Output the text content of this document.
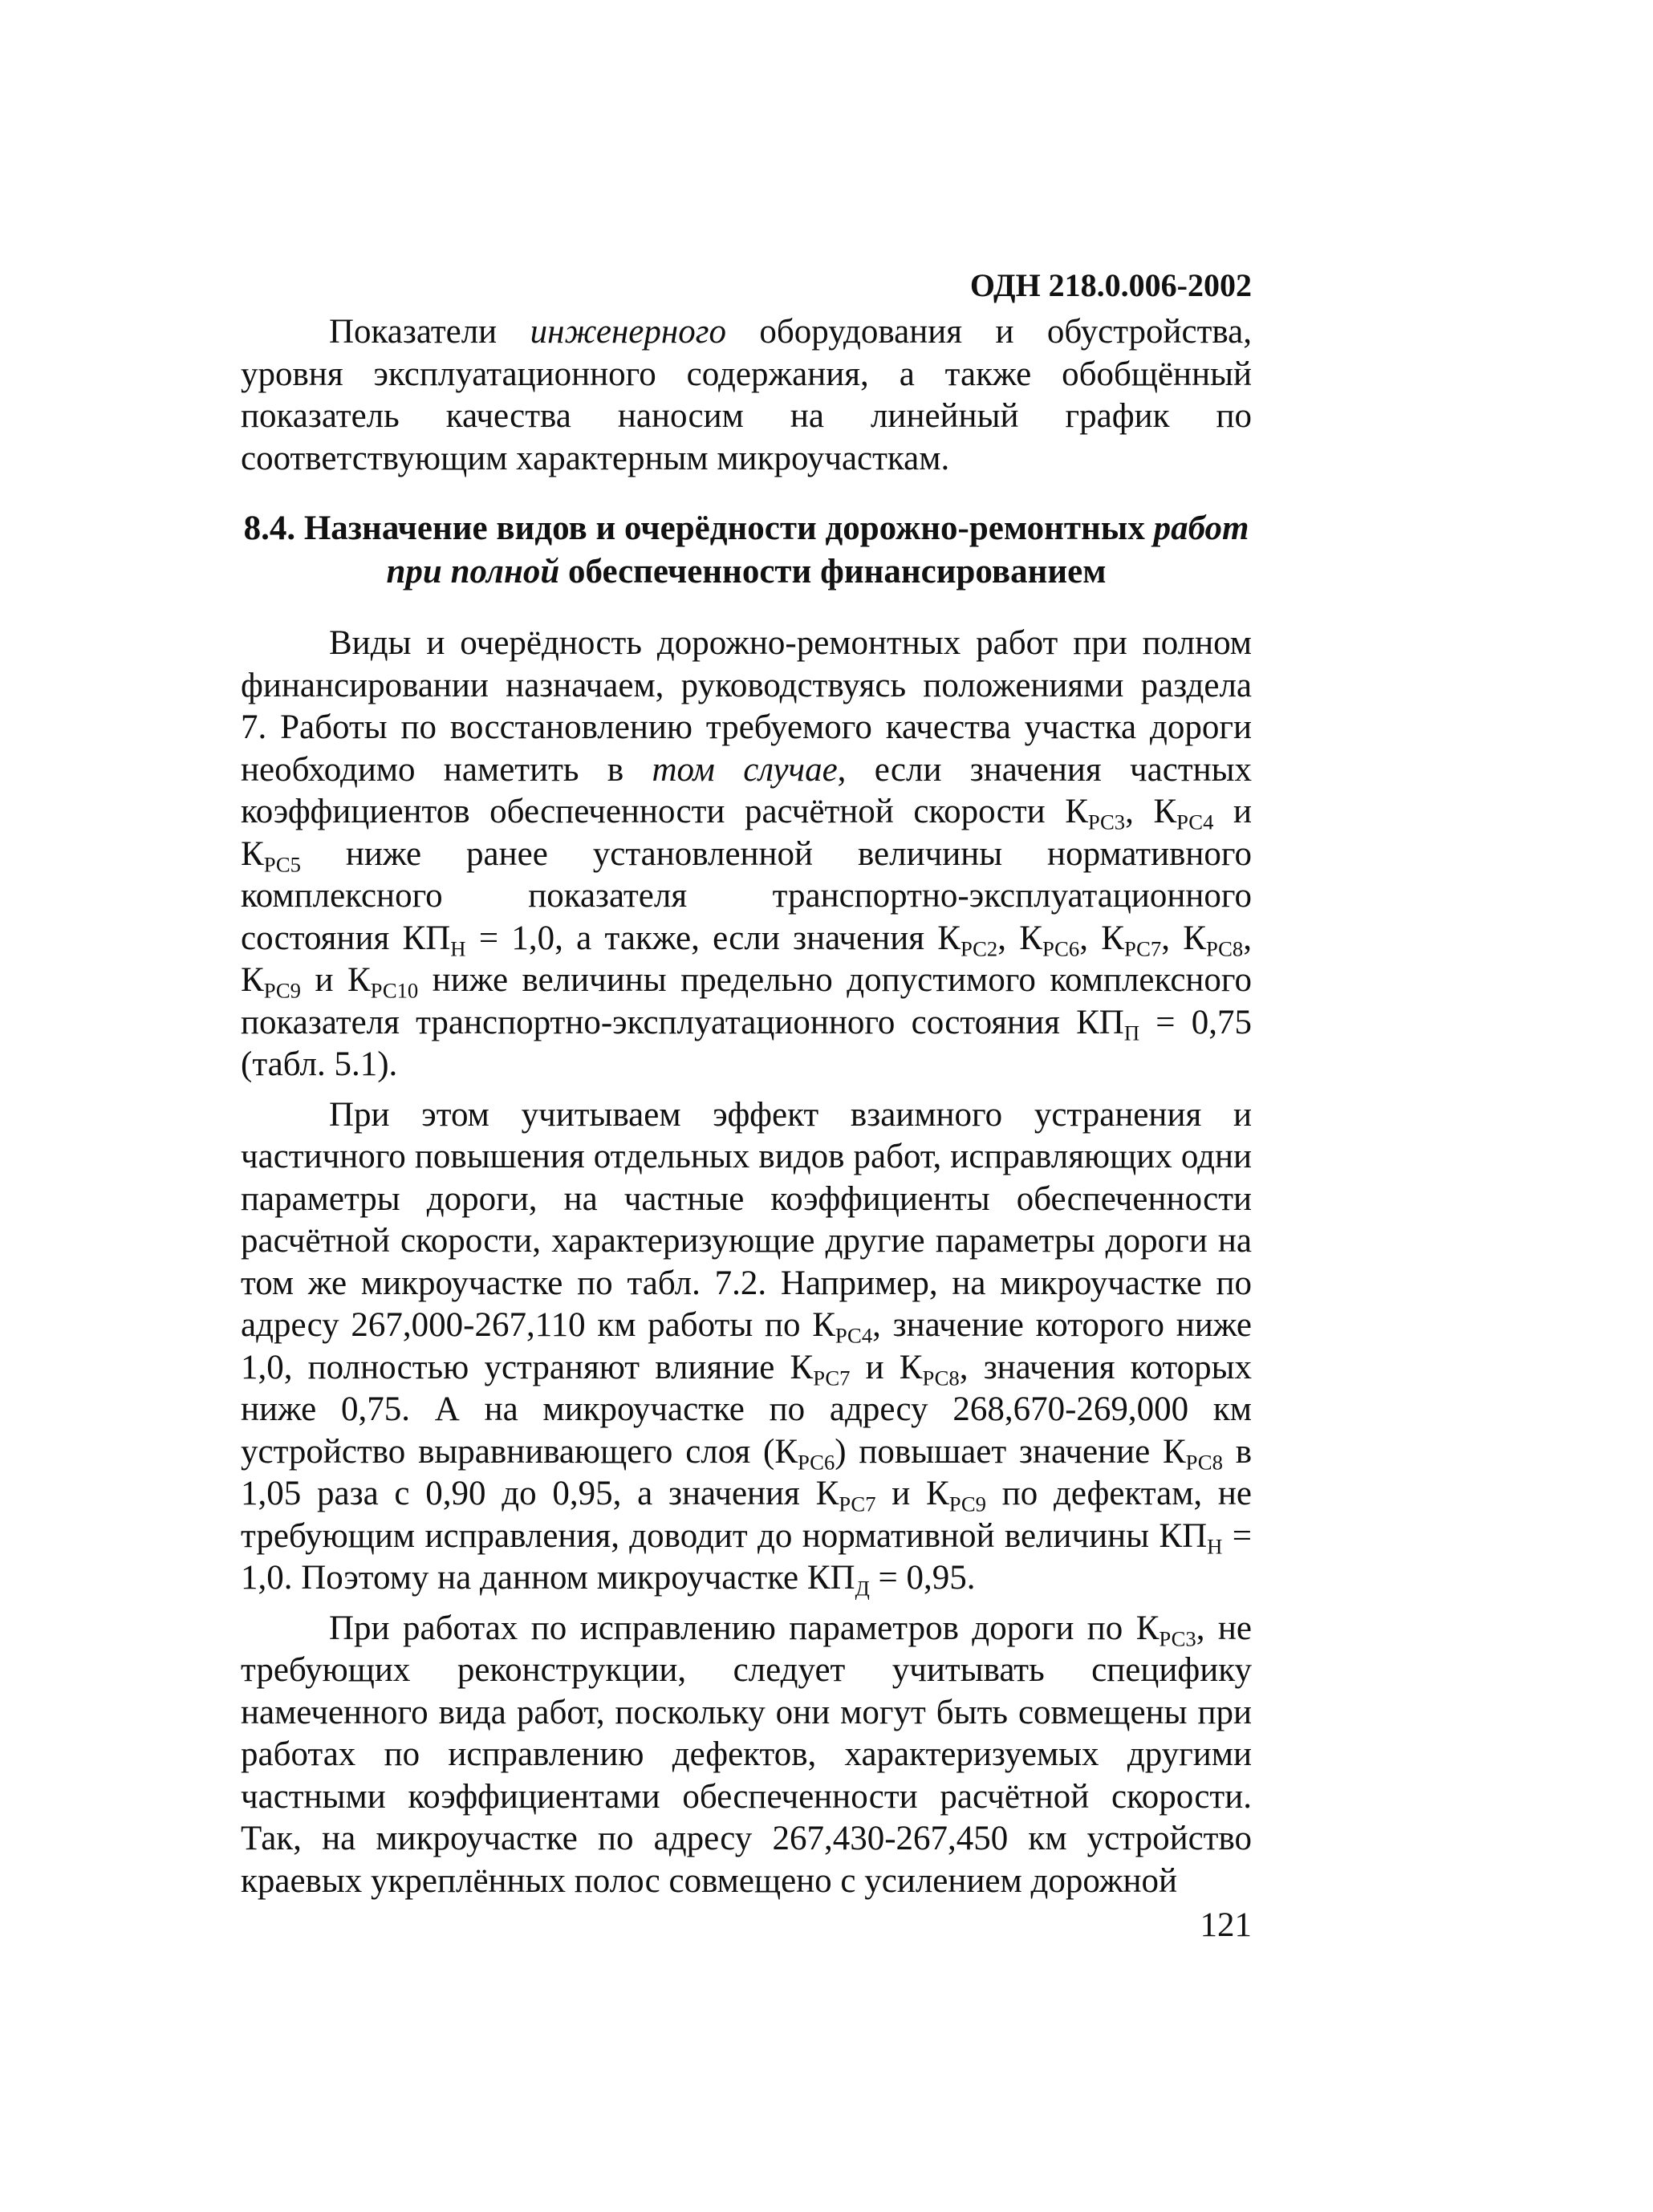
ОДН 218.0.006-2002

Показатели инженерного оборудования и обустройства, уровня эксплуатационного содержания, а также обобщённый показатель качества наносим на линейный график по соответствующим характерным микроучасткам.

8.4. Назначение видов и очерёдности дорожно-ремонтных работ при полной обеспеченности финансированием

Виды и очерёдность дорожно-ремонтных работ при полном финансировании назначаем, руководствуясь положениями раздела 7. Работы по восстановлению требуемого качества участка дороги необходимо наметить в том случае, если значения частных коэффициентов обеспеченности расчётной скорости $К_{РС3}$, $К_{РС4}$ и $К_{РС5}$ ниже ранее установленной величины нормативного комплексного показателя транспортно-эксплуатационного состояния $КП_Н = 1,0$, а также, если значения $К_{РС2}$, $К_{РС6}$, $К_{РС7}$, $К_{РС8}$, $К_{РС9}$ и $К_{РС10}$ ниже величины предельно допустимого комплексного показателя транспортно-эксплуатационного состояния $КП_П = 0,75$ (табл. 5.1).

При этом учитываем эффект взаимного устранения и частичного повышения отдельных видов работ, исправляющих одни параметры дороги, на частные коэффициенты обеспеченности расчётной скорости, характеризующие другие параметры дороги на том же микроучастке по табл. 7.2. Например, на микроучастке по адресу 267,000-267,110 км работы по $К_{РС4}$, значение которого ниже 1,0, полностью устраняют влияние $К_{РС7}$ и $К_{РС8}$, значения которых ниже 0,75. А на микроучастке по адресу 268,670-269,000 км устройство выравнивающего слоя $(К_{РС6})$ повышает значение $К_{РС8}$ в 1,05 раза с 0,90 до 0,95, а значения $К_{РС7}$ и $К_{РС9}$ по дефектам, не требующим исправления, доводит до нормативной величины $КП_Н = 1,0$. Поэтому на данном микроучастке $КП_Д = 0,95$.

При работах по исправлению параметров дороги по $К_{РС3}$, не требующих реконструкции, следует учитывать специфику намеченного вида работ, поскольку они могут быть совмещены при работах по исправлению дефектов, характеризуемых другими частными коэффициентами обеспеченности расчётной скорости. Так, на микроучастке по адресу 267,430-267,450 км устройство краевых укреплённых полос совмещено с усилением дорожной

121
